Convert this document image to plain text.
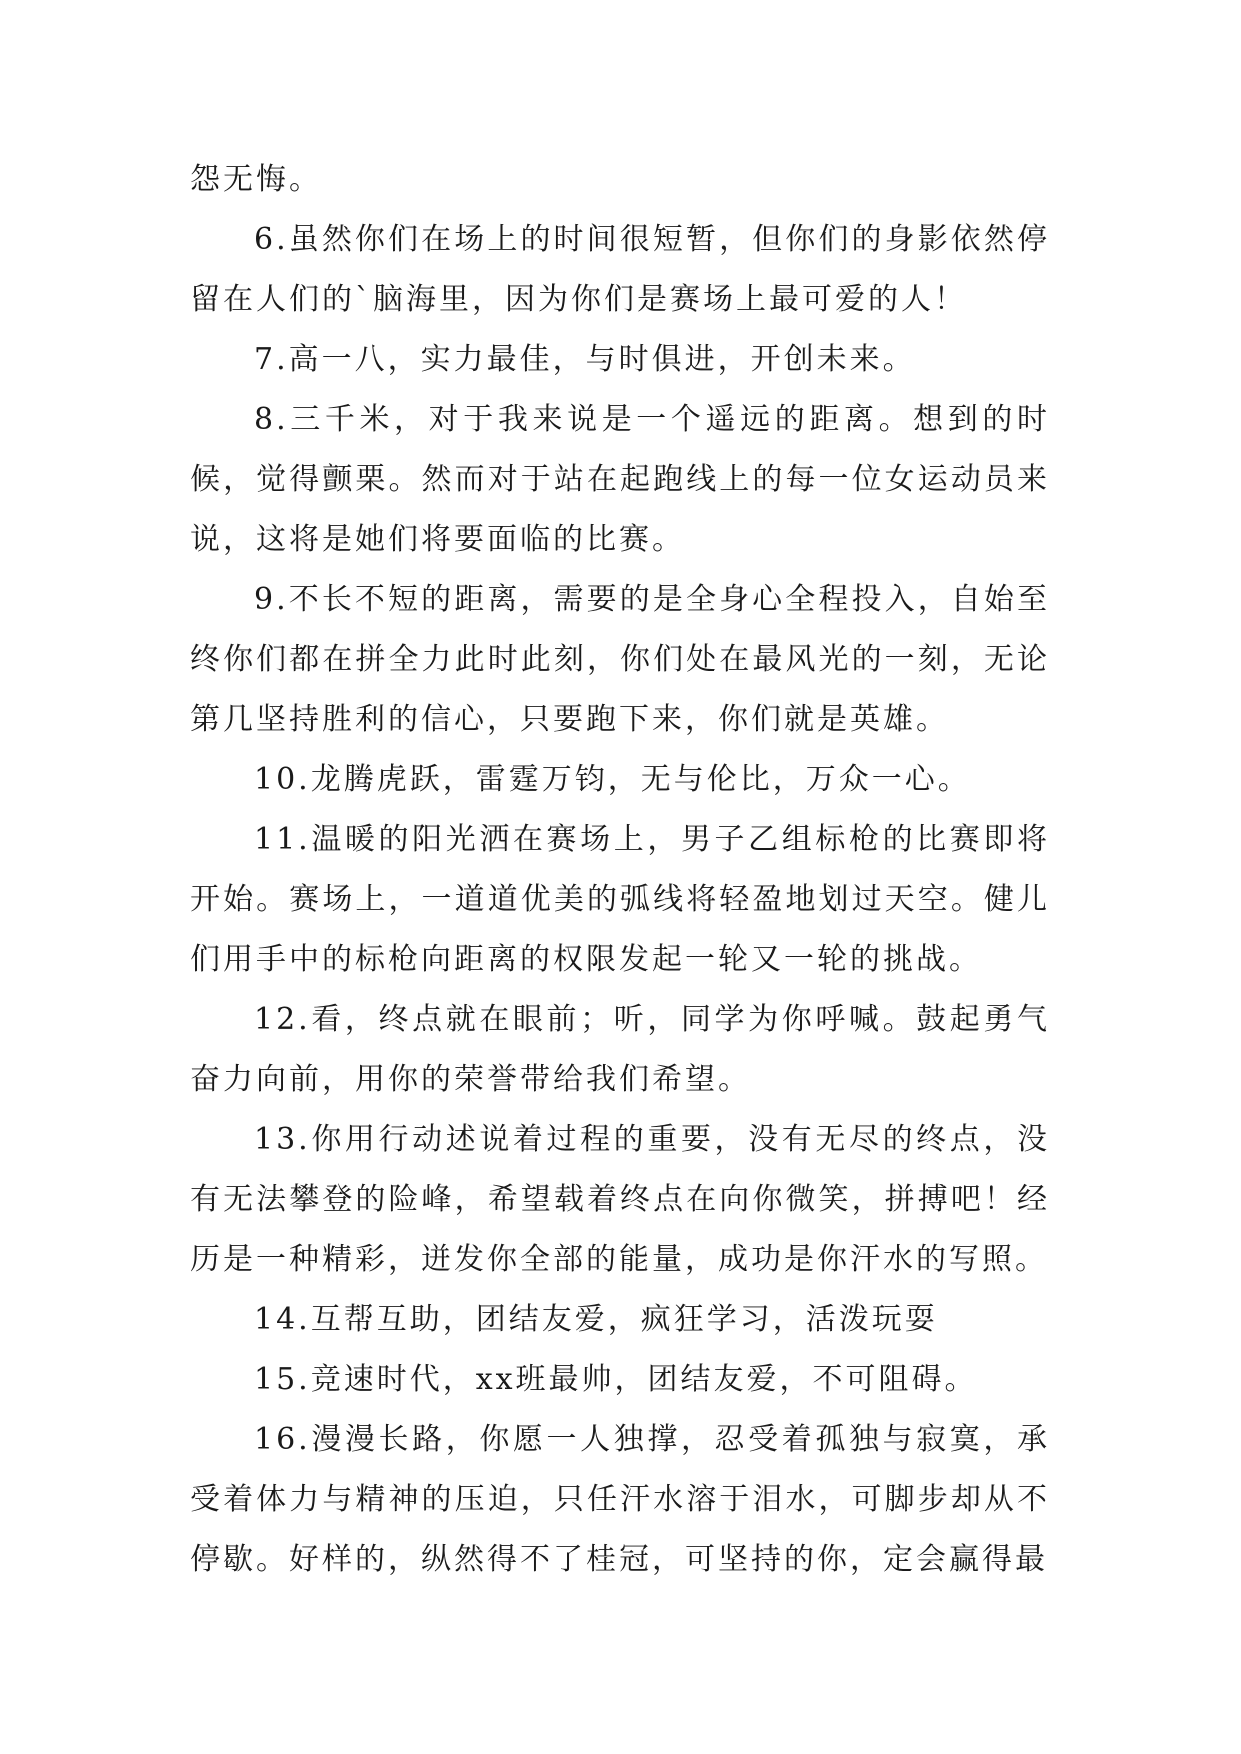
怨无悔。

6.虽然你们在场上的时间很短暂，但你们的身影依然停留在人们的`脑海里，因为你们是赛场上最可爱的人！

7.高一八，实力最佳，与时俱进，开创未来。

8.三千米，对于我来说是一个遥远的距离。想到的时候，觉得颤栗。然而对于站在起跑线上的每一位女运动员来说，这将是她们将要面临的比赛。

9.不长不短的距离，需要的是全身心全程投入，自始至终你们都在拼全力此时此刻，你们处在最风光的一刻，无论第几坚持胜利的信心，只要跑下来，你们就是英雄。

10.龙腾虎跃，雷霆万钧，无与伦比，万众一心。

11.温暖的阳光洒在赛场上，男子乙组标枪的比赛即将开始。赛场上，一道道优美的弧线将轻盈地划过天空。健儿们用手中的标枪向距离的权限发起一轮又一轮的挑战。

12.看，终点就在眼前；听，同学为你呼喊。鼓起勇气奋力向前，用你的荣誉带给我们希望。

13.你用行动述说着过程的重要，没有无尽的终点，没有无法攀登的险峰，希望载着终点在向你微笑，拼搏吧！经历是一种精彩，迸发你全部的能量，成功是你汗水的写照。

14.互帮互助，团结友爱，疯狂学习，活泼玩耍

15.竞速时代，xx班最帅，团结友爱，不可阻碍。

16.漫漫长路，你愿一人独撑，忍受着孤独与寂寞，承受着体力与精神的压迫，只任汗水溶于泪水，可脚步却从不停歇。好样的，纵然得不了桂冠，可坚持的你，定会赢得最
